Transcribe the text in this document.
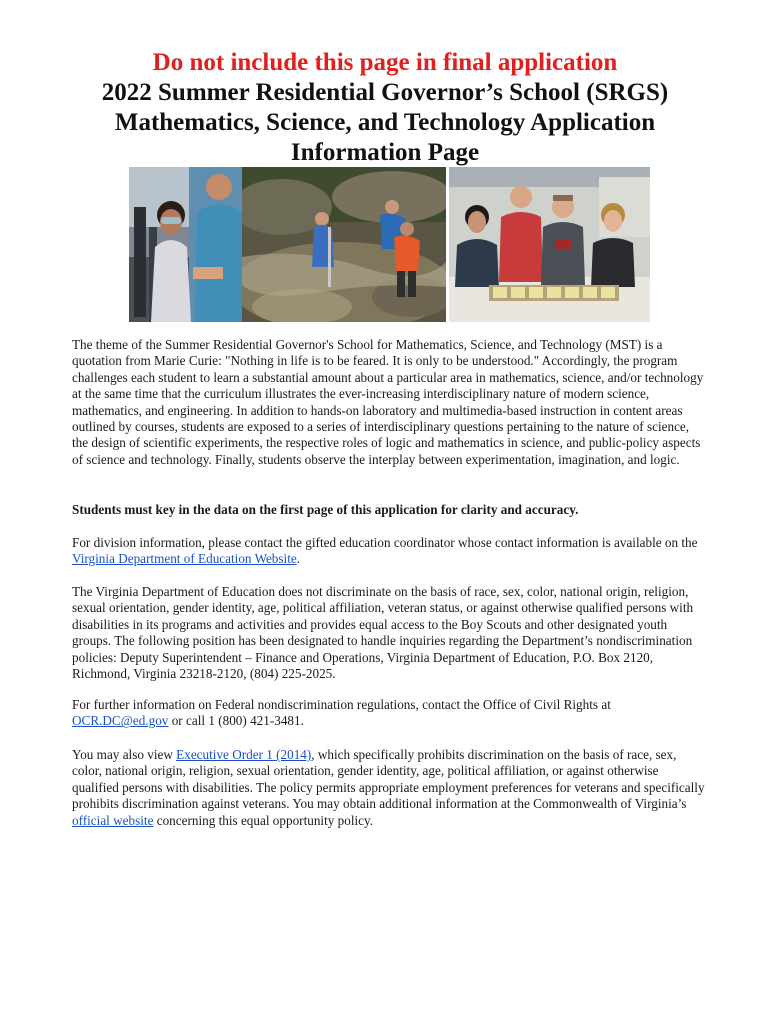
Do not include this page in final application
2022 Summer Residential Governor’s School (SRGS)
Mathematics, Science, and Technology Application
Information Page

The theme of the Summer Residential Governor's School for Mathematics, Science, and Technology (MST) is a quotation from Marie Curie: "Nothing in life is to be feared. It is only to be understood." Accordingly, the program challenges each student to learn a substantial amount about a particular area in mathematics, science, and/or technology at the same time that the curriculum illustrates the ever-increasing interdisciplinary nature of modern science, mathematics, and engineering. In addition to hands-on laboratory and multimedia-based instruction in content areas outlined by courses, students are exposed to a series of interdisciplinary questions pertaining to the nature of science, the design of scientific experiments, the respective roles of logic and mathematics in science, and public-policy aspects of science and technology. Finally, students observe the interplay between experimentation, imagination, and logic.

Students must key in the data on the first page of this application for clarity and accuracy.

For division information, please contact the gifted education coordinator whose contact information is available on the Virginia Department of Education Website.

The Virginia Department of Education does not discriminate on the basis of race, sex, color, national origin, religion, sexual orientation, gender identity, age, political affiliation, veteran status, or against otherwise qualified persons with disabilities in its programs and activities and provides equal access to the Boy Scouts and other designated youth groups. The following position has been designated to handle inquiries regarding the Department’s nondiscrimination policies: Deputy Superintendent – Finance and Operations, Virginia Department of Education, P.O. Box 2120, Richmond, Virginia 23218-2120, (804) 225-2025.

For further information on Federal nondiscrimination regulations, contact the Office of Civil Rights at OCR.DC@ed.gov or call 1 (800) 421-3481.

You may also view Executive Order 1 (2014), which specifically prohibits discrimination on the basis of race, sex, color, national origin, religion, sexual orientation, gender identity, age, political affiliation, or against otherwise qualified persons with disabilities. The policy permits appropriate employment preferences for veterans and specifically prohibits discrimination against veterans. You may obtain additional information at the Commonwealth of Virginia’s official website concerning this equal opportunity policy.
